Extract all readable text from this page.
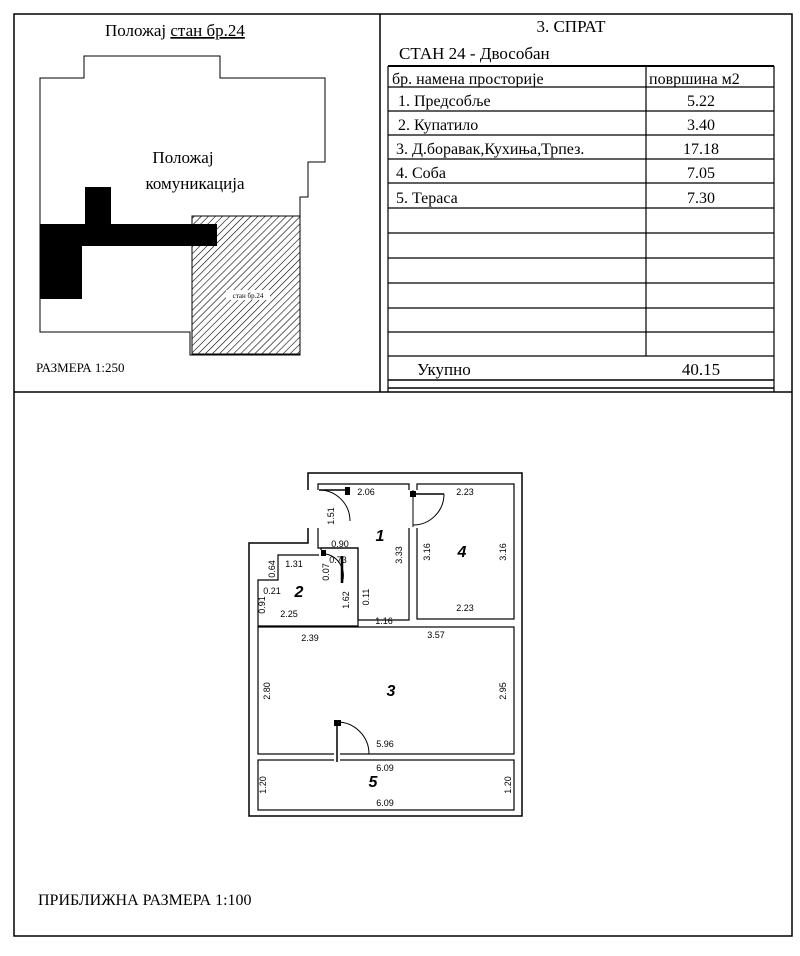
Положај стан бр.24
стан бр.24
Положај
комуникација
РАЗМЕРА 1:250
3. СПРАТ
СТАН 24 - Двособан
бр. намена просторије	површина м2
1. Предсобље	5.22
2. Купатило	3.40
3. Д.боравак,Кухиња,Трпез.	17.18
4. Соба	7.05
5. Тераса	7.30
Укупно	40.15
1
2
3
4
5
2.06
1.51
3.33
2.23
3.16	3.16
2.23
0.90
0.73
0.07
1.31
0.64
0.21
0.91
2.25
1.62 0.11
1.16
2.39	3.57
2.80	2.95
5.96
6.09
1.20	1.20
6.09
ПРИБЛИЖНА РАЗМЕРА 1:100
